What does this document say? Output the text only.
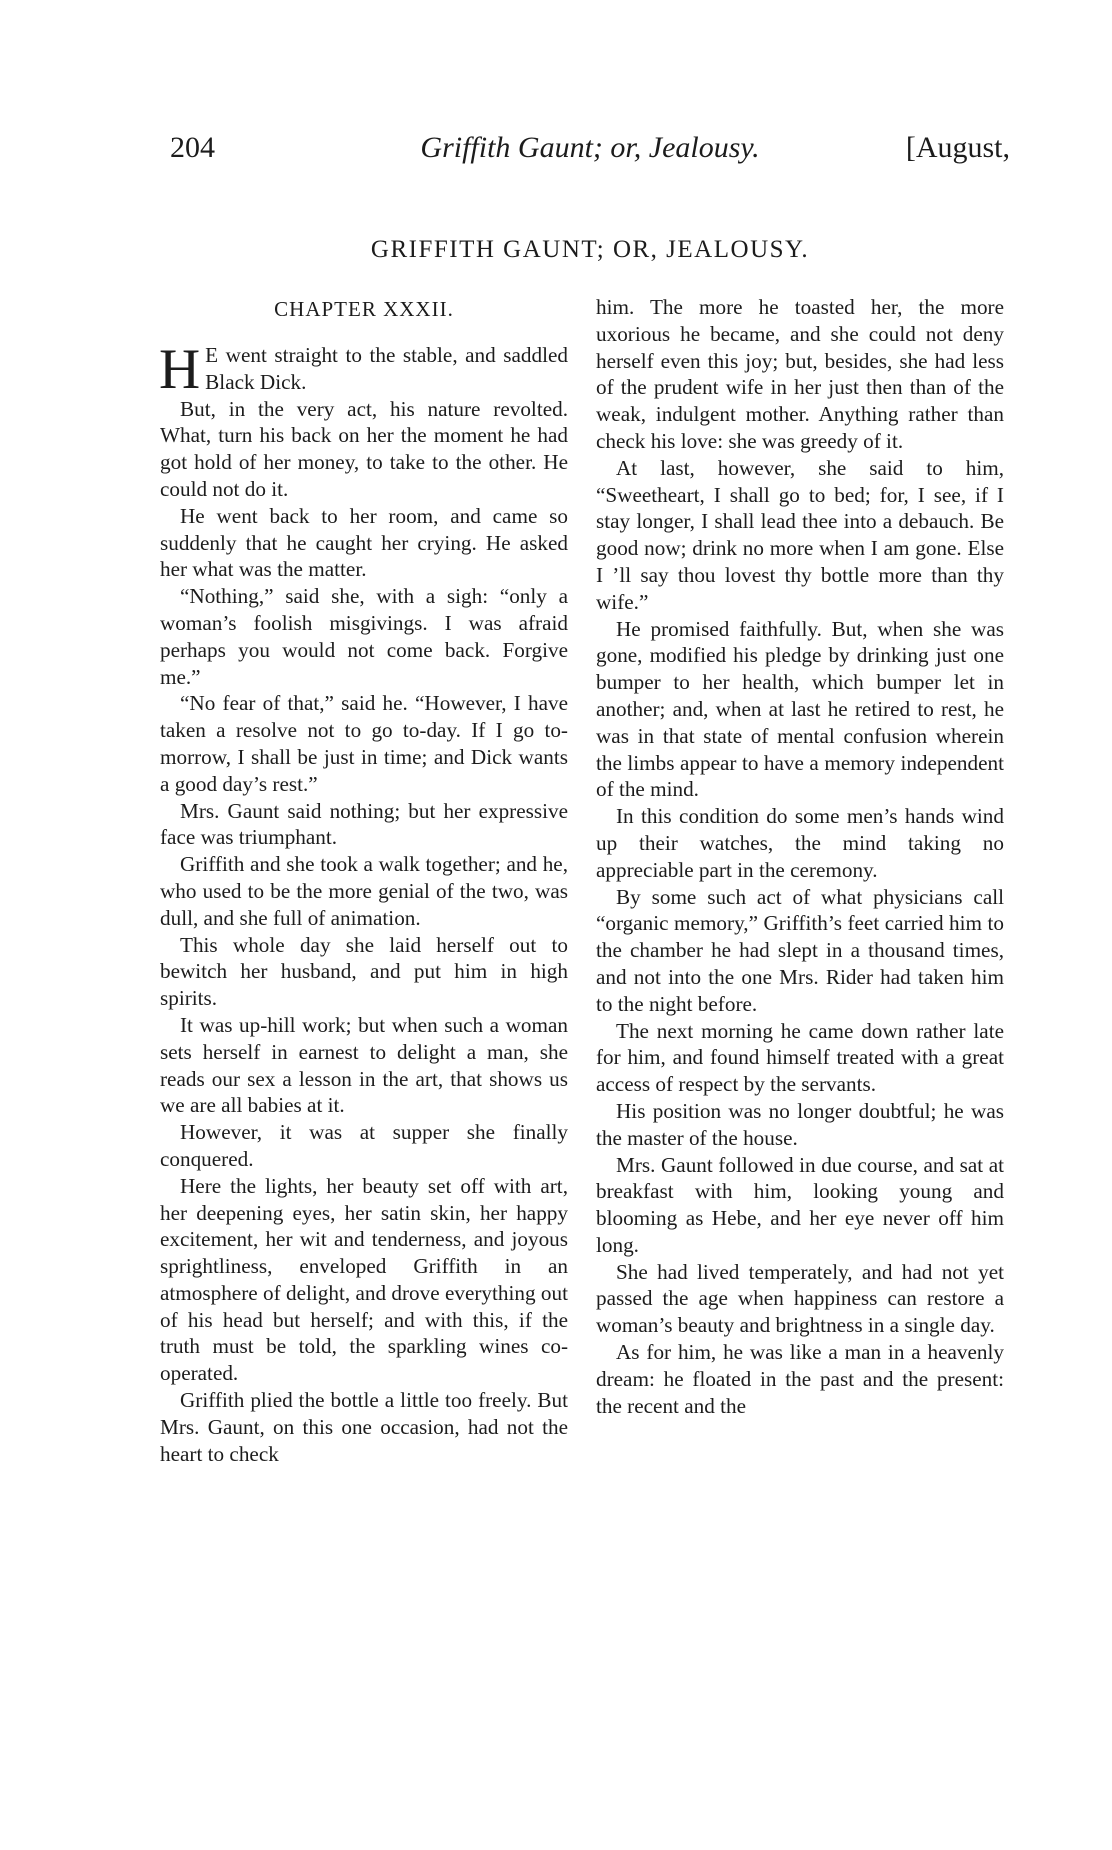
204	Griffith Gaunt; or, Jealousy.	[August,
GRIFFITH GAUNT; OR, JEALOUSY.
CHAPTER XXXII.

H E went straight to the stable, and saddled Black Dick.

But, in the very act, his nature revolted. What, turn his back on her the moment he had got hold of her money, to take to the other. He could not do it.

He went back to her room, and came so suddenly that he caught her crying. He asked her what was the matter.

“Nothing,” said she, with a sigh: “only a woman’s foolish misgivings. I was afraid perhaps you would not come back. Forgive me.”

“No fear of that,” said he. “However, I have taken a resolve not to go to-day. If I go to-morrow, I shall be just in time; and Dick wants a good day’s rest.”

Mrs. Gaunt said nothing; but her expressive face was triumphant.

Griffith and she took a walk together; and he, who used to be the more genial of the two, was dull, and she full of animation.

This whole day she laid herself out to bewitch her husband, and put him in high spirits.

It was up-hill work; but when such a woman sets herself in earnest to delight a man, she reads our sex a lesson in the art, that shows us we are all babies at it.

However, it was at supper she finally conquered.

Here the lights, her beauty set off with art, her deepening eyes, her satin skin, her happy excitement, her wit and tenderness, and joyous sprightliness, enveloped Griffith in an atmosphere of delight, and drove everything out of his head but herself; and with this, if the truth must be told, the sparkling wines co-operated.

Griffith plied the bottle a little too freely. But Mrs. Gaunt, on this one occasion, had not the heart to check

him. The more he toasted her, the more uxorious he became, and she could not deny herself even this joy; but, besides, she had less of the prudent wife in her just then than of the weak, indulgent mother. Anything rather than check his love: she was greedy of it.

At last, however, she said to him, “Sweetheart, I shall go to bed; for, I see, if I stay longer, I shall lead thee into a debauch. Be good now; drink no more when I am gone. Else I ’ll say thou lovest thy bottle more than thy wife.”

He promised faithfully. But, when she was gone, modified his pledge by drinking just one bumper to her health, which bumper let in another; and, when at last he retired to rest, he was in that state of mental confusion wherein the limbs appear to have a memory independent of the mind.

In this condition do some men’s hands wind up their watches, the mind taking no appreciable part in the ceremony.

By some such act of what physicians call “organic memory,” Griffith’s feet carried him to the chamber he had slept in a thousand times, and not into the one Mrs. Rider had taken him to the night before.

The next morning he came down rather late for him, and found himself treated with a great access of respect by the servants.

His position was no longer doubtful; he was the master of the house.

Mrs. Gaunt followed in due course, and sat at breakfast with him, looking young and blooming as Hebe, and her eye never off him long.

She had lived temperately, and had not yet passed the age when happiness can restore a woman’s beauty and brightness in a single day.

As for him, he was like a man in a heavenly dream: he floated in the past and the present: the recent and the
